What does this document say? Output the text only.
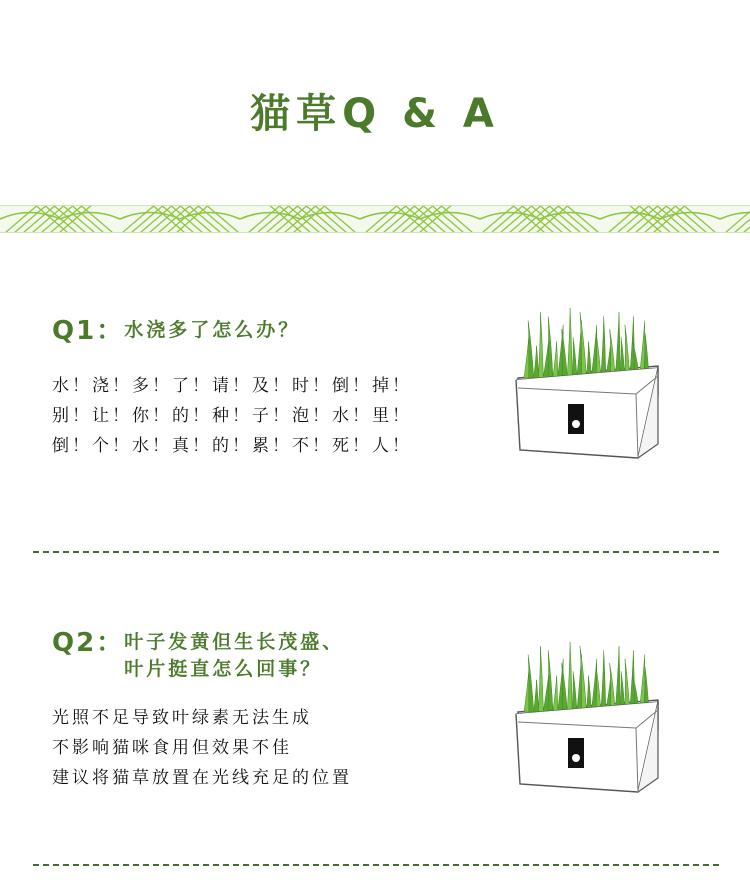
猫草Q & A
Q1： 水浇多了怎么办？
水！浇！多！了！请！及！时！倒！掉！
别！让！你！的！种！子！泡！水！里！
倒！个！水！真！的！累！不！死！人！
Q2： 叶子发黄但生长茂盛、
叶片挺直怎么回事？
光照不足导致叶绿素无法生成
不影响猫咪食用但效果不佳
建议将猫草放置在光线充足的位置
